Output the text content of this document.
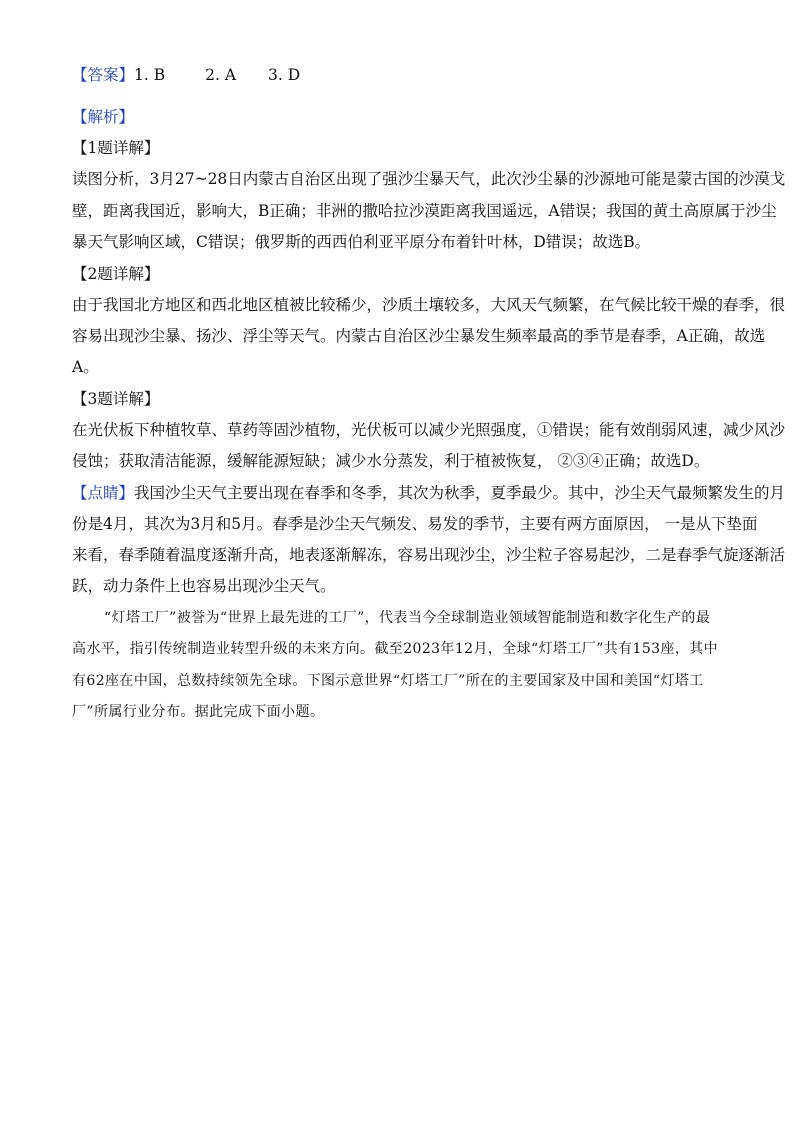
【答案】1. B	2. A 3. D
【解析】
【1题详解】
读图分析，3月27~28日内蒙古自治区出现了强沙尘暴天气，此次沙尘暴的沙源地可能是蒙古国的沙漠戈
壁，距离我国近，影响大，B正确；非洲的撒哈拉沙漠距离我国遥远，A错误；我国的黄土高原属于沙尘
暴天气影响区域，C错误；俄罗斯的西西伯利亚平原分布着针叶林，D错误；故选B。
【2题详解】
由于我国北方地区和西北地区植被比较稀少，沙质土壤较多，大风天气频繁，在气候比较干燥的春季，很
容易出现沙尘暴、扬沙、浮尘等天气。内蒙古自治区沙尘暴发生频率最高的季节是春季，A正确，故选
A。
【3题详解】
在光伏板下种植牧草、草药等固沙植物，光伏板可以减少光照强度，①错误；能有效削弱风速，减少风沙
侵蚀；获取清洁能源，缓解能源短缺；减少水分蒸发，利于植被恢复， ②③④正确；故选D。
【点睛】我国沙尘天气主要出现在春季和冬季，其次为秋季，夏季最少。其中，沙尘天气最频繁发生的月
份是4月，其次为3月和5月。春季是沙尘天气频发、易发的季节，主要有两方面原因， 一是从下垫面
来看，春季随着温度逐渐升高，地表逐渐解冻，容易出现沙尘，沙尘粒子容易起沙，二是春季气旋逐渐活
跃，动力条件上也容易出现沙尘天气。
“灯塔工厂”被誉为“世界上最先进的工厂”，代表当今全球制造业领域智能制造和数字化生产的最
高水平，指引传统制造业转型升级的未来方向。截至2023年12月，全球“灯塔工厂”共有153座，其中
有62座在中国，总数持续领先全球。下图示意世界“灯塔工厂”所在的主要国家及中国和美国“灯塔工
厂”所属行业分布。据此完成下面小题。
